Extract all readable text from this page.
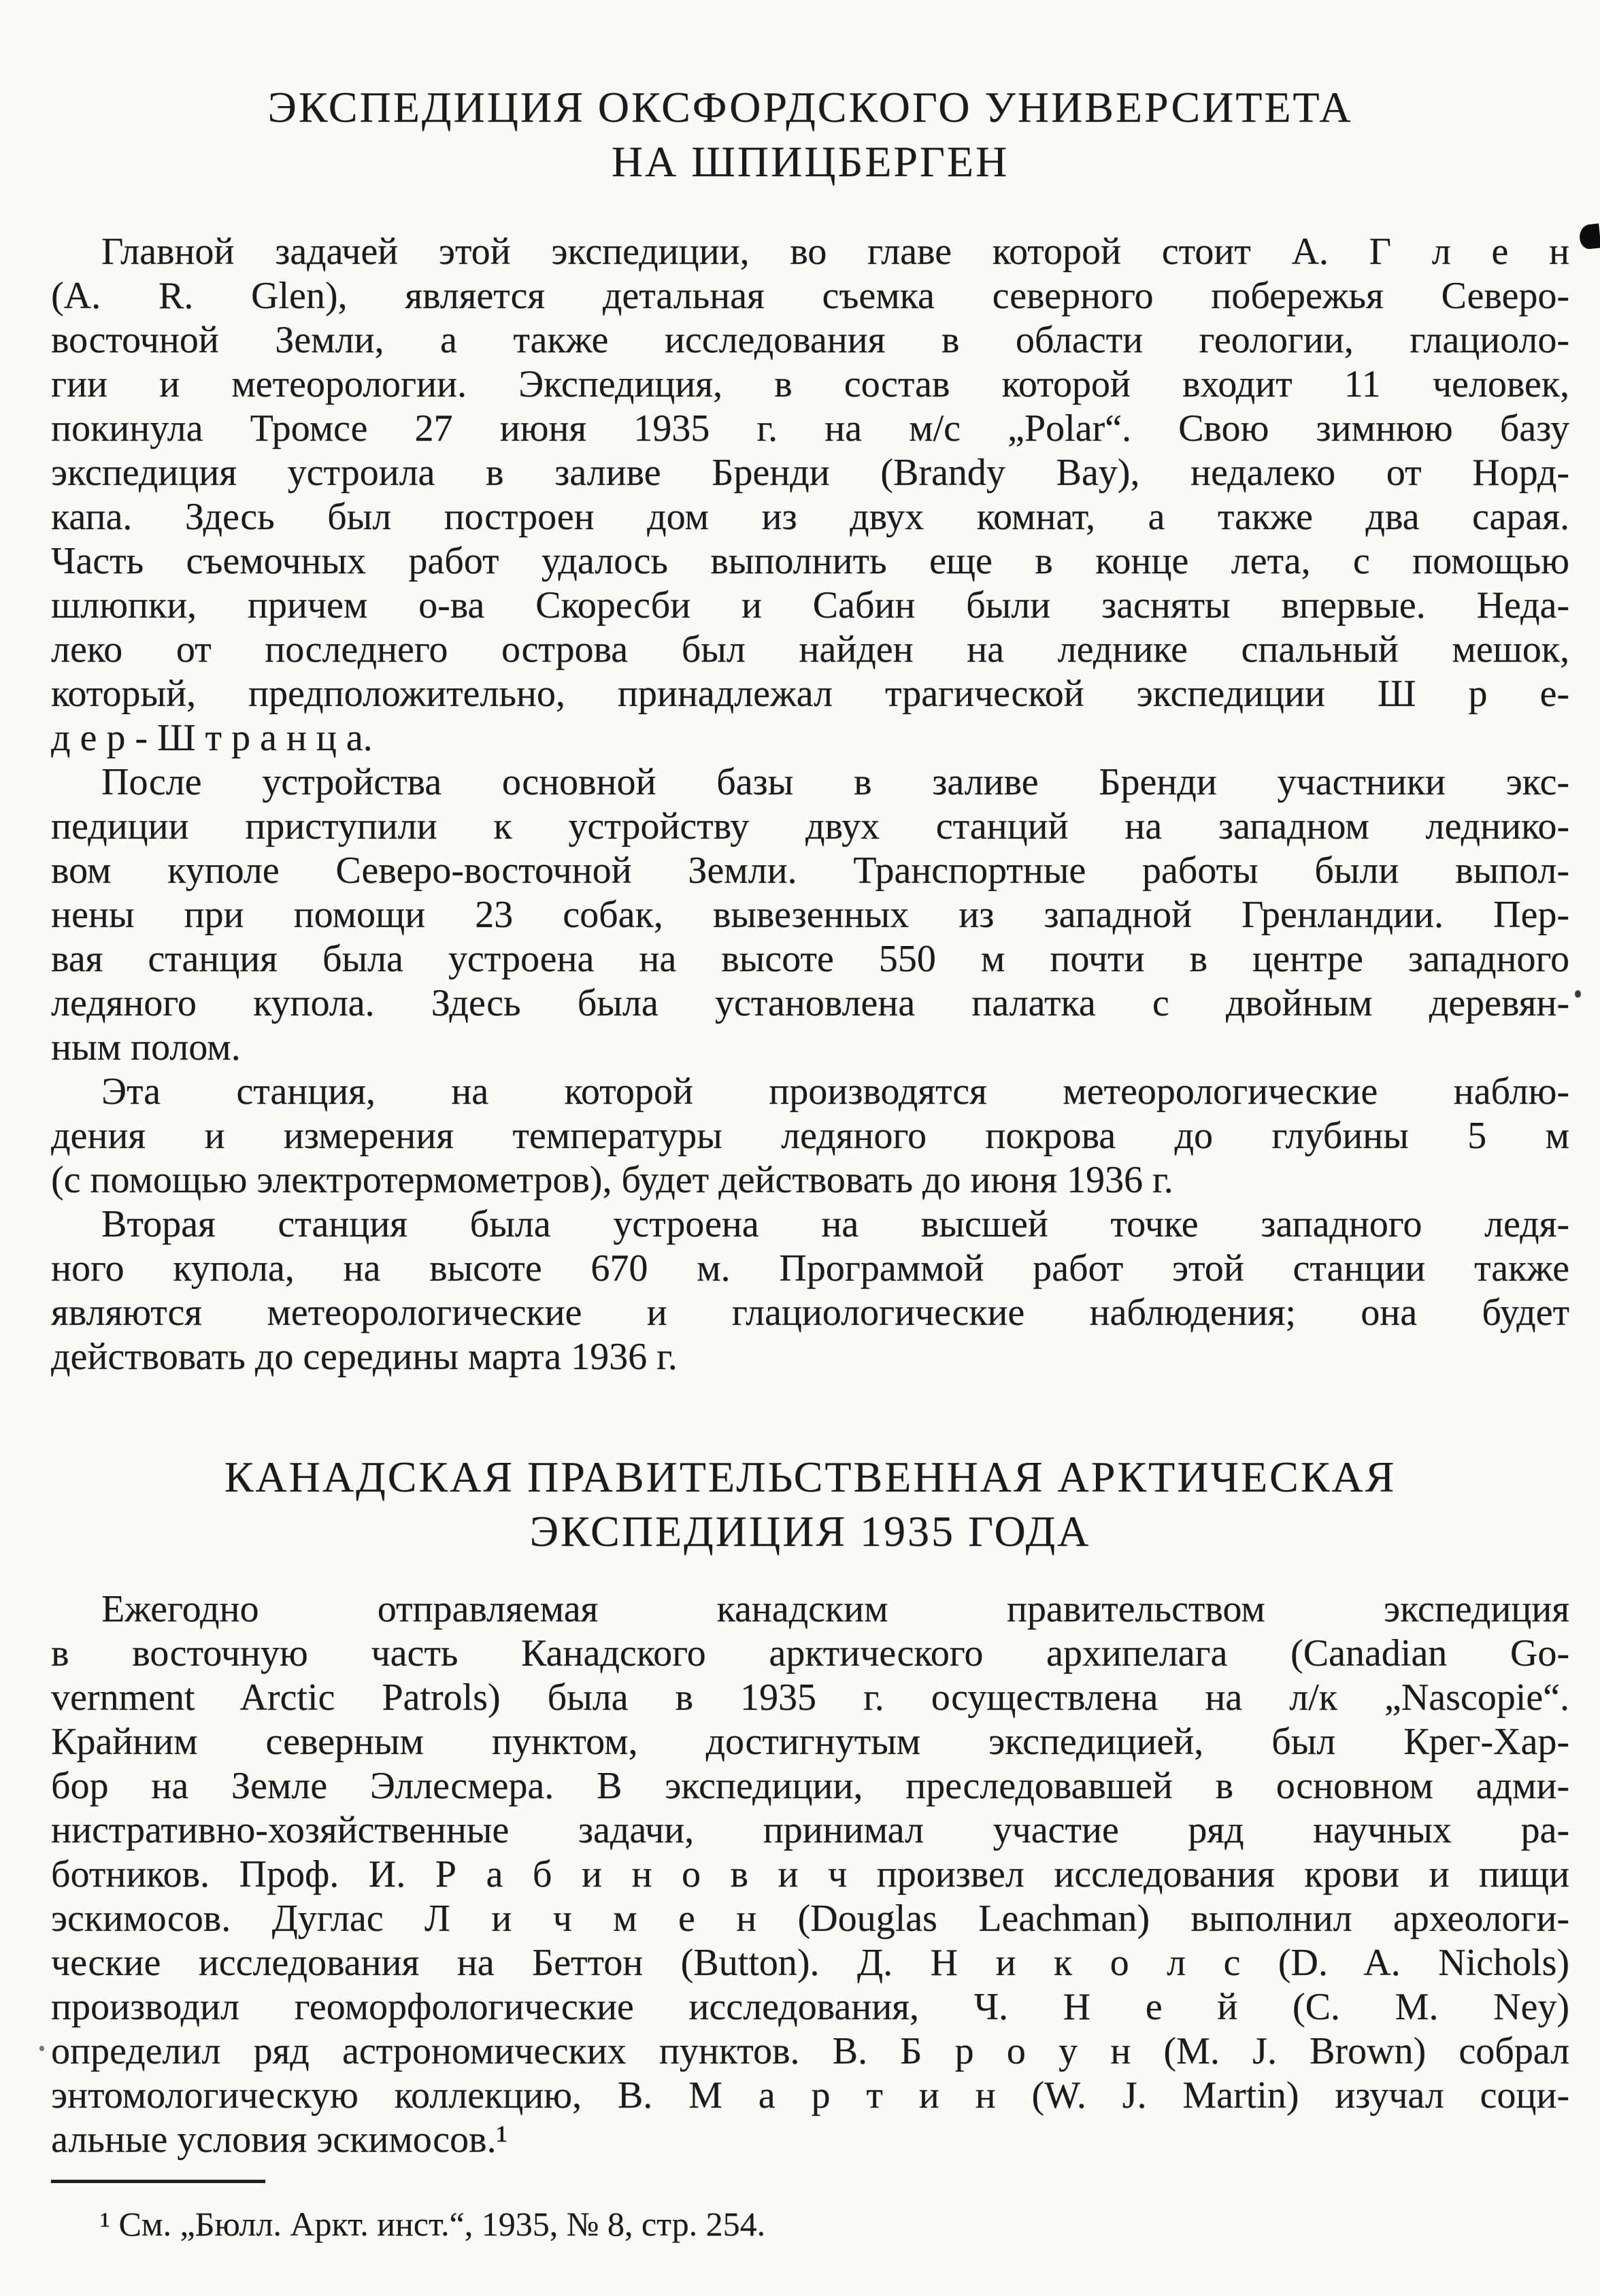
ЭКСПЕДИЦИЯ ОКСФОРДСКОГО УНИВЕРСИТЕТА
НА ШПИЦБЕРГЕН
Главной задачей этой экспедиции, во главе которой стоит А. Г л е н
(A. R. Glen), является детальная съемка северного побережья Северо-
восточной Земли, а также исследования в области геологии, глациоло-
гии и метеорологии. Экспедиция, в состав которой входит 11 человек,
покинула Тромсе 27 июня 1935 г. на м/с „Polar“. Свою зимнюю базу
экспедиция устроила в заливе Бренди (Brandy Bay), недалеко от Норд-
капа. Здесь был построен дом из двух комнат, а также два сарая.
Часть съемочных работ удалось выполнить еще в конце лета, с помощью
шлюпки, причем о-ва Скоресби и Сабин были засняты впервые. Неда-
леко от последнего острова был найден на леднике спальный мешок,
который, предположительно, принадлежал трагической экспедиции Ш р е-
д е р - Ш т р а н ц а.
После устройства основной базы в заливе Бренди участники экс-
педиции приступили к устройству двух станций на западном леднико-
вом куполе Северо-восточной Земли. Транспортные работы были выпол-
нены при помощи 23 собак, вывезенных из западной Гренландии. Пер-
вая станция была устроена на высоте 550 м почти в центре западного
ледяного купола. Здесь была установлена палатка с двойным деревян-
ным полом.
Эта станция, на которой производятся метеорологические наблю-
дения и измерения температуры ледяного покрова до глубины 5 м
(с помощью электротермометров), будет действовать до июня 1936 г.
Вторая станция была устроена на высшей точке западного ледя-
ного купола, на высоте 670 м. Программой работ этой станции также
являются метеорологические и глациологические наблюдения; она будет
действовать до середины марта 1936 г.
КАНАДСКАЯ ПРАВИТЕЛЬСТВЕННАЯ АРКТИЧЕСКАЯ
ЭКСПЕДИЦИЯ 1935 ГОДА
Ежегодно отправляемая канадским правительством экспедиция
в восточную часть Канадского арктического архипелага (Canadian Go-
vernment Arctic Patrols) была в 1935 г. осуществлена на л/к „Nascopie“.
Крайним северным пунктом, достигнутым экспедицией, был Крег-Хар-
бор на Земле Эллесмера. В экспедиции, преследовавшей в основном адми-
нистративно-хозяйственные задачи, принимал участие ряд научных ра-
ботников. Проф. И. Р а б и н о в и ч произвел исследования крови и пищи
эскимосов. Дуглас Л и ч м е н (Douglas Leachman) выполнил археологи-
ческие исследования на Беттон (Button). Д. Н и к о л с (D. A. Nichols)
производил геоморфологические исследования, Ч. Н е й (C. M. Ney)
определил ряд астрономических пунктов. В. Б р о у н (M. J. Brown) собрал
энтомологическую коллекцию, В. М а р т и н (W. J. Martin) изучал соци-
альные условия эскимосов.¹
¹ См. „Бюлл. Аркт. инст.“, 1935, № 8, стр. 254.
